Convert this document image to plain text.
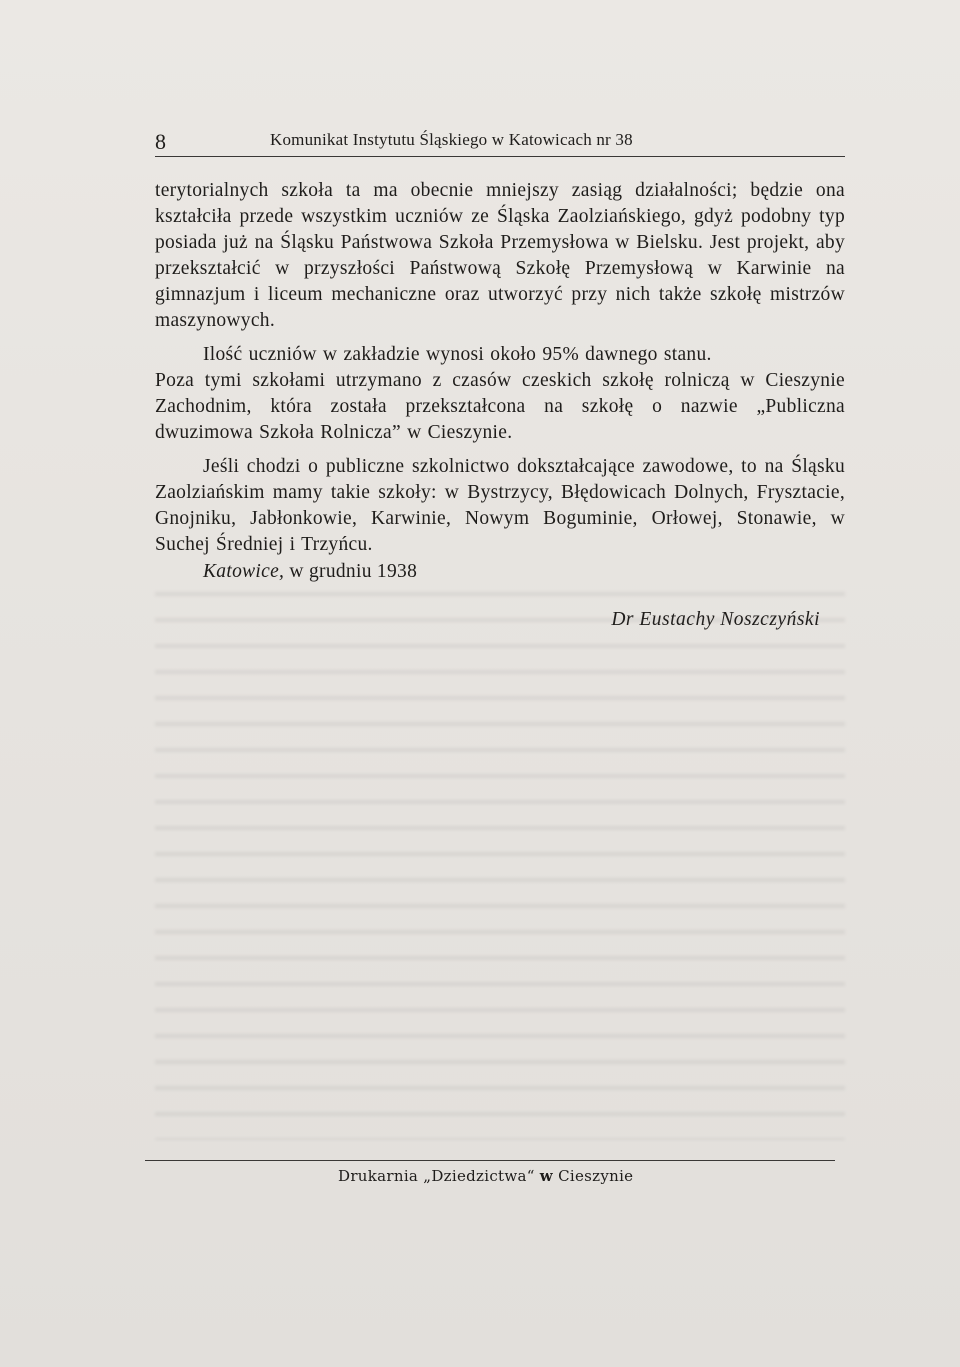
8	Komunikat Instytutu Śląskiego w Katowicach nr 38

terytorialnych szkoła ta ma obecnie mniejszy zasiąg działalności; będzie ona kształciła przede wszystkim uczniów ze Śląska Zaolziańskiego, gdyż podobny typ posiada już na Śląsku Państwowa Szkoła Przemysłowa w Bielsku. Jest projekt, aby przekształcić w przyszłości Państwową Szkołę Przemysłową w Karwinie na gimnazjum i liceum mechaniczne oraz utworzyć przy nich także szkołę mistrzów maszynowych.

Ilość uczniów w zakładzie wynosi około 95% dawnego stanu.

Poza tymi szkołami utrzymano z czasów czeskich szkołę rolniczą w Cieszynie Zachodnim, która została przekształcona na szkołę o nazwie „Publiczna dwuzimowa Szkoła Rolnicza” w Cieszynie.

Jeśli chodzi o publiczne szkolnictwo dokształcające zawodowe, to na Śląsku Zaolziańskim mamy takie szkoły: w Bystrzycy, Błędowicach Dolnych, Frysztacie, Gnojniku, Jabłonkowie, Karwinie, Nowym Boguminie, Orłowej, Stonawie, w Suchej Średniej i Trzyńcu.

Katowice, w grudniu 1938
Dr Eustachy Noszczyński
Drukarnia „Dziedzictwa“ w Cieszynie
